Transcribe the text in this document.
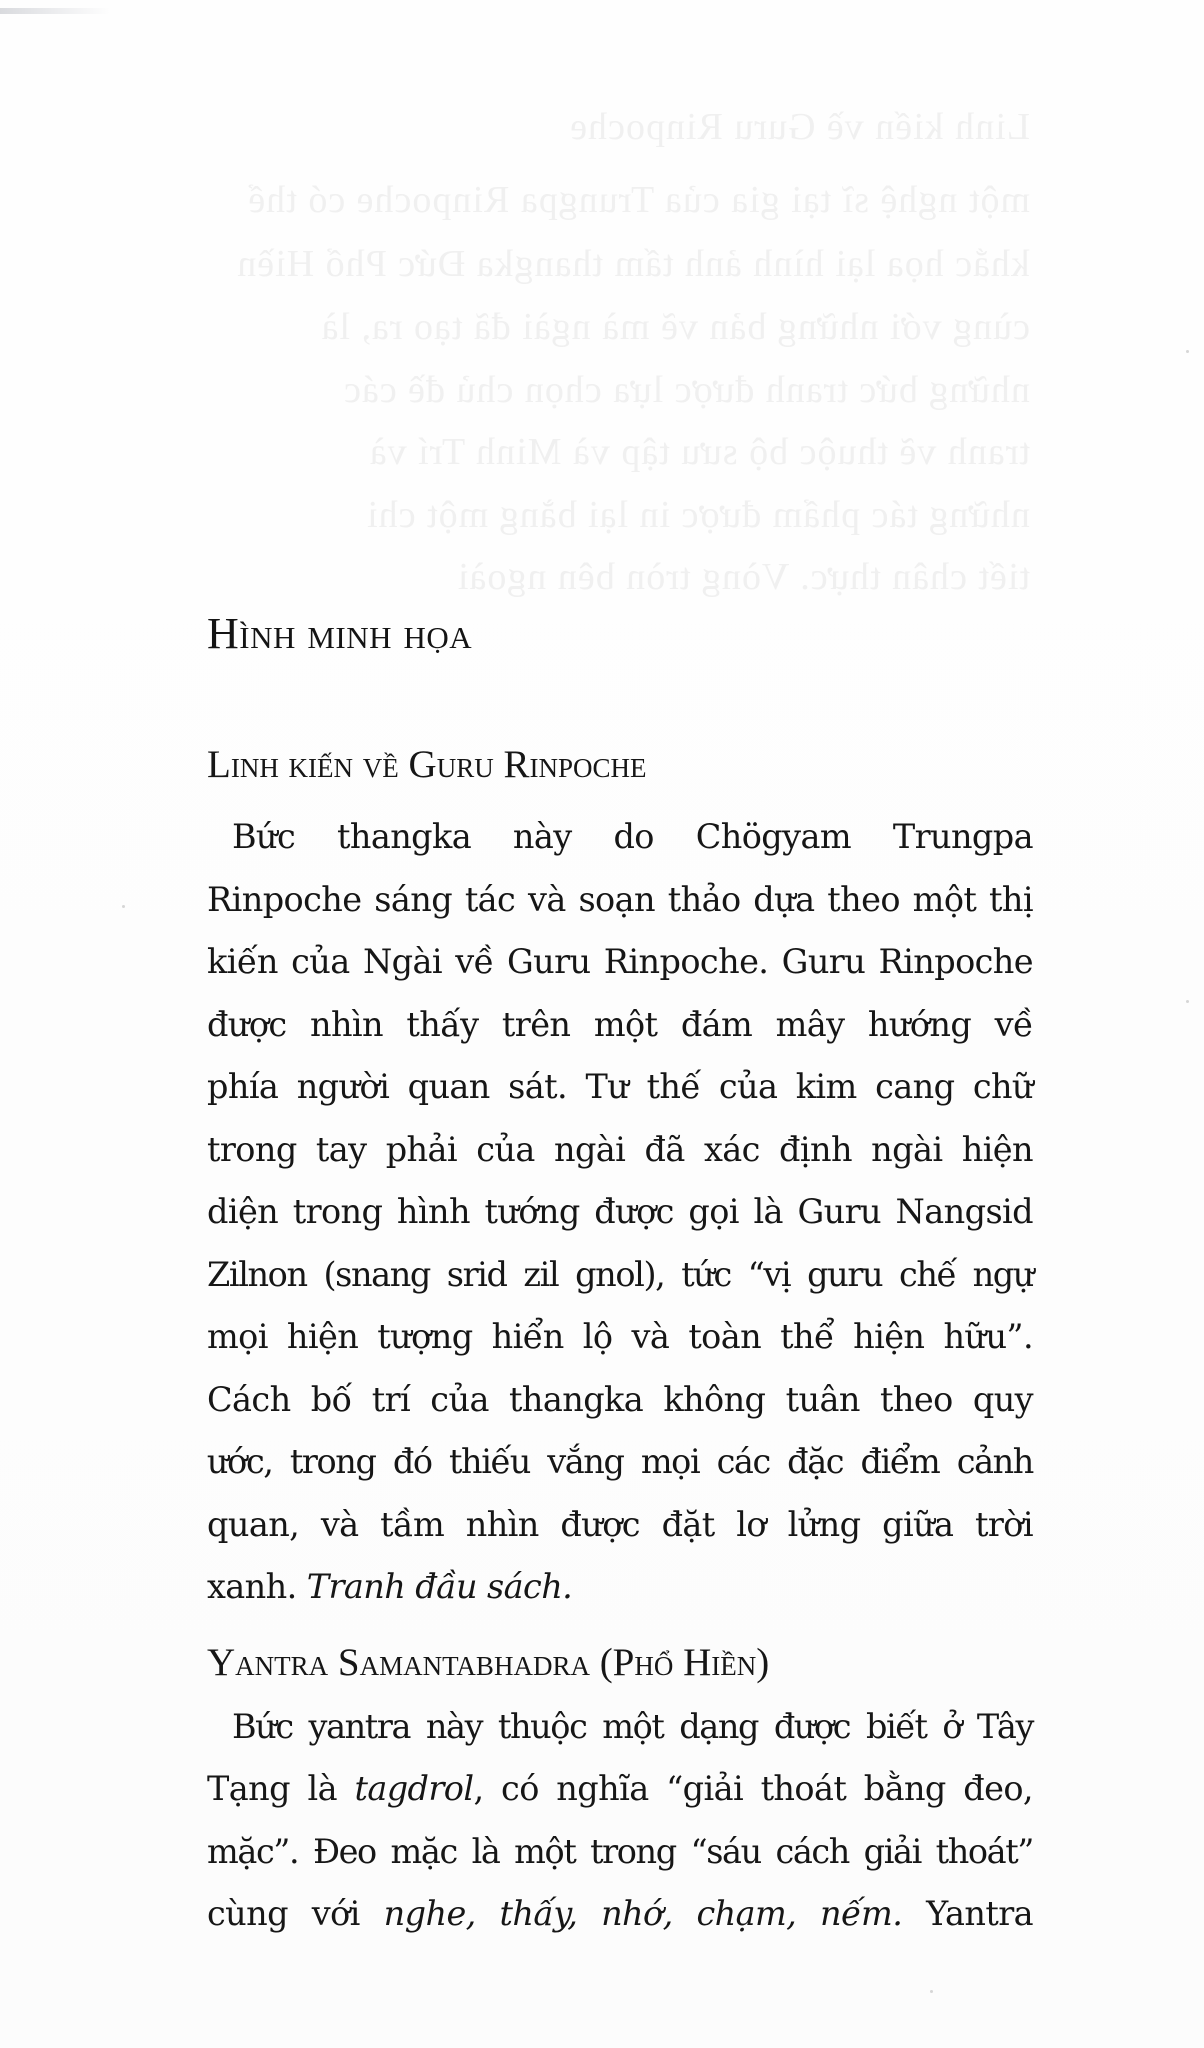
Linh kiến về Guru Rinpoche
một nghệ sĩ tại gia của Trungpa Rinpoche có thể
khắc họa lại hình ảnh tấm thangka Đức Phổ Hiền
cùng với những bản vẽ mà ngài đã tạo ra, là
những bức tranh được lựa chọn chủ đề các
tranh vẽ thuộc bộ sưu tập và Minh Trí và
những tác phẩm được in lại bằng một chi
tiết chân thực. Vòng tròn bên ngoài
Hình minh họa
Linh kiến về Guru Rinpoche
Bức thangka này do Chögyam Trungpa
Rinpoche sáng tác và soạn thảo dựa theo một thị
kiến của Ngài về Guru Rinpoche. Guru Rinpoche
được nhìn thấy trên một đám mây hướng về
phía người quan sát. Tư thế của kim cang chữ
trong tay phải của ngài đã xác định ngài hiện
diện trong hình tướng được gọi là Guru Nangsid
Zilnon (snang srid zil gnol), tức “vị guru chế ngự
mọi hiện tượng hiển lộ và toàn thể hiện hữu”.
Cách bố trí của thangka không tuân theo quy
ước, trong đó thiếu vắng mọi các đặc điểm cảnh
quan, và tầm nhìn được đặt lơ lửng giữa trời
xanh. Tranh đầu sách.
Yantra Samantabhadra (Phổ Hiền)
Bức yantra này thuộc một dạng được biết ở Tây
Tạng là tagdrol, có nghĩa “giải thoát bằng đeo,
mặc”. Đeo mặc là một trong “sáu cách giải thoát”
cùng với nghe, thấy, nhớ, chạm, nếm. Yantra
